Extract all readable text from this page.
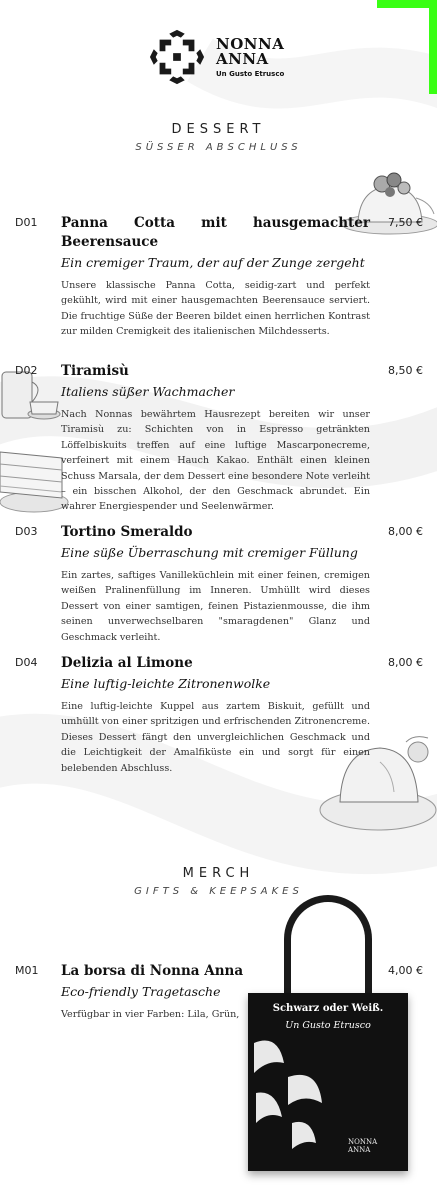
NONNA
ANNA
Un Gusto Etrusco
DESSERT
SÜSSER ABSCHLUSS
D01 Panna Cotta mit hausgemachter Beerensauce
Ein cremiger Traum, der auf der Zunge zergeht
Unsere klassische Panna Cotta, seidig-zart und perfekt gekühlt, wird mit einer hausgemachten Beerensauce serviert. Die fruchtige Süße der Beeren bildet einen herrlichen Kontrast zur milden Cremigkeit des italienischen Milchdesserts.
7,50 €
D02 Tiramisù
Italiens süßer Wachmacher
Nach Nonnas bewährtem Hausrezept bereiten wir unser Tiramisù zu: Schichten von in Espresso getränkten Löffelbiskuits treffen auf eine luftige Mascarponecreme, verfeinert mit einem Hauch Kakao. Enthält einen kleinen Schuss Marsala, der dem Dessert eine besondere Note verleiht – ein bisschen Alkohol, der den Geschmack abrundet. Ein wahrer Energiespender und Seelenwärmer.
8,50 €
D03 Tortino Smeraldo
Eine süße Überraschung mit cremiger Füllung
Ein zartes, saftiges Vanilleküchlein mit einer feinen, cremigen weißen Pralinenfüllung im Inneren. Umhüllt wird dieses Dessert von einer samtigen, feinen Pistazienmousse, die ihm seinen unverwechselbaren "smaragdenen" Glanz und Geschmack verleiht.
8,00 €
D04 Delizia al Limone
Eine luftig-leichte Zitronenwolke
Eine luftig-leichte Kuppel aus zartem Biskuit, gefüllt und umhüllt von einer spritzigen und erfrischenden Zitronencreme. Dieses Dessert fängt den unvergleichlichen Geschmack und die Leichtigkeit der Amalfiküste ein und sorgt für einen belebenden Abschluss.
8,00 €
MERCH
GIFTS & KEEPSAKES
Schwarz oder Weiß.
Un Gusto Etrusco
NONNA
ANNA
M01 La borsa di Nonna Anna
Eco-friendly Tragetasche
Verfügbar in vier Farben: Lila, Grün,
4,00 €
